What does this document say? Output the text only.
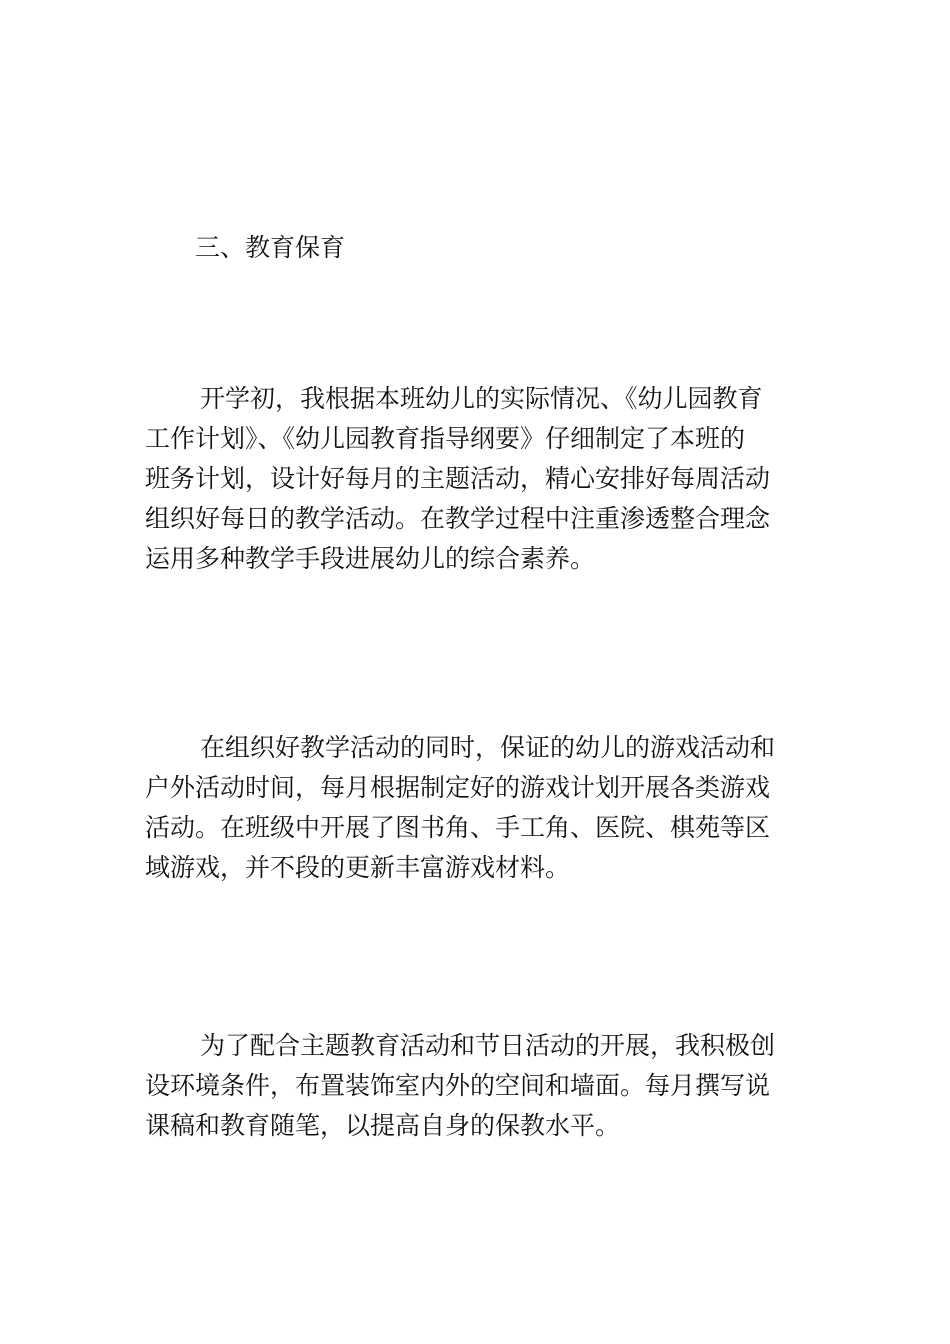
三、教育保育
开学初，我根据本班幼儿的实际情况、《幼儿园教育
工作计划》、《幼儿园教育指导纲要》仔细制定了本班的
班务计划，设计好每月的主题活动，精心安排好每周活动
组织好每日的教学活动。在教学过程中注重渗透整合理念
运用多种教学手段进展幼儿的综合素养。
在组织好教学活动的同时，保证的幼儿的游戏活动和
户外活动时间，每月根据制定好的游戏计划开展各类游戏
活动。在班级中开展了图书角、手工角、医院、棋苑等区
域游戏，并不段的更新丰富游戏材料。
为了配合主题教育活动和节日活动的开展，我积极创
设环境条件，布置装饰室内外的空间和墙面。每月撰写说
课稿和教育随笔，以提高自身的保教水平。
